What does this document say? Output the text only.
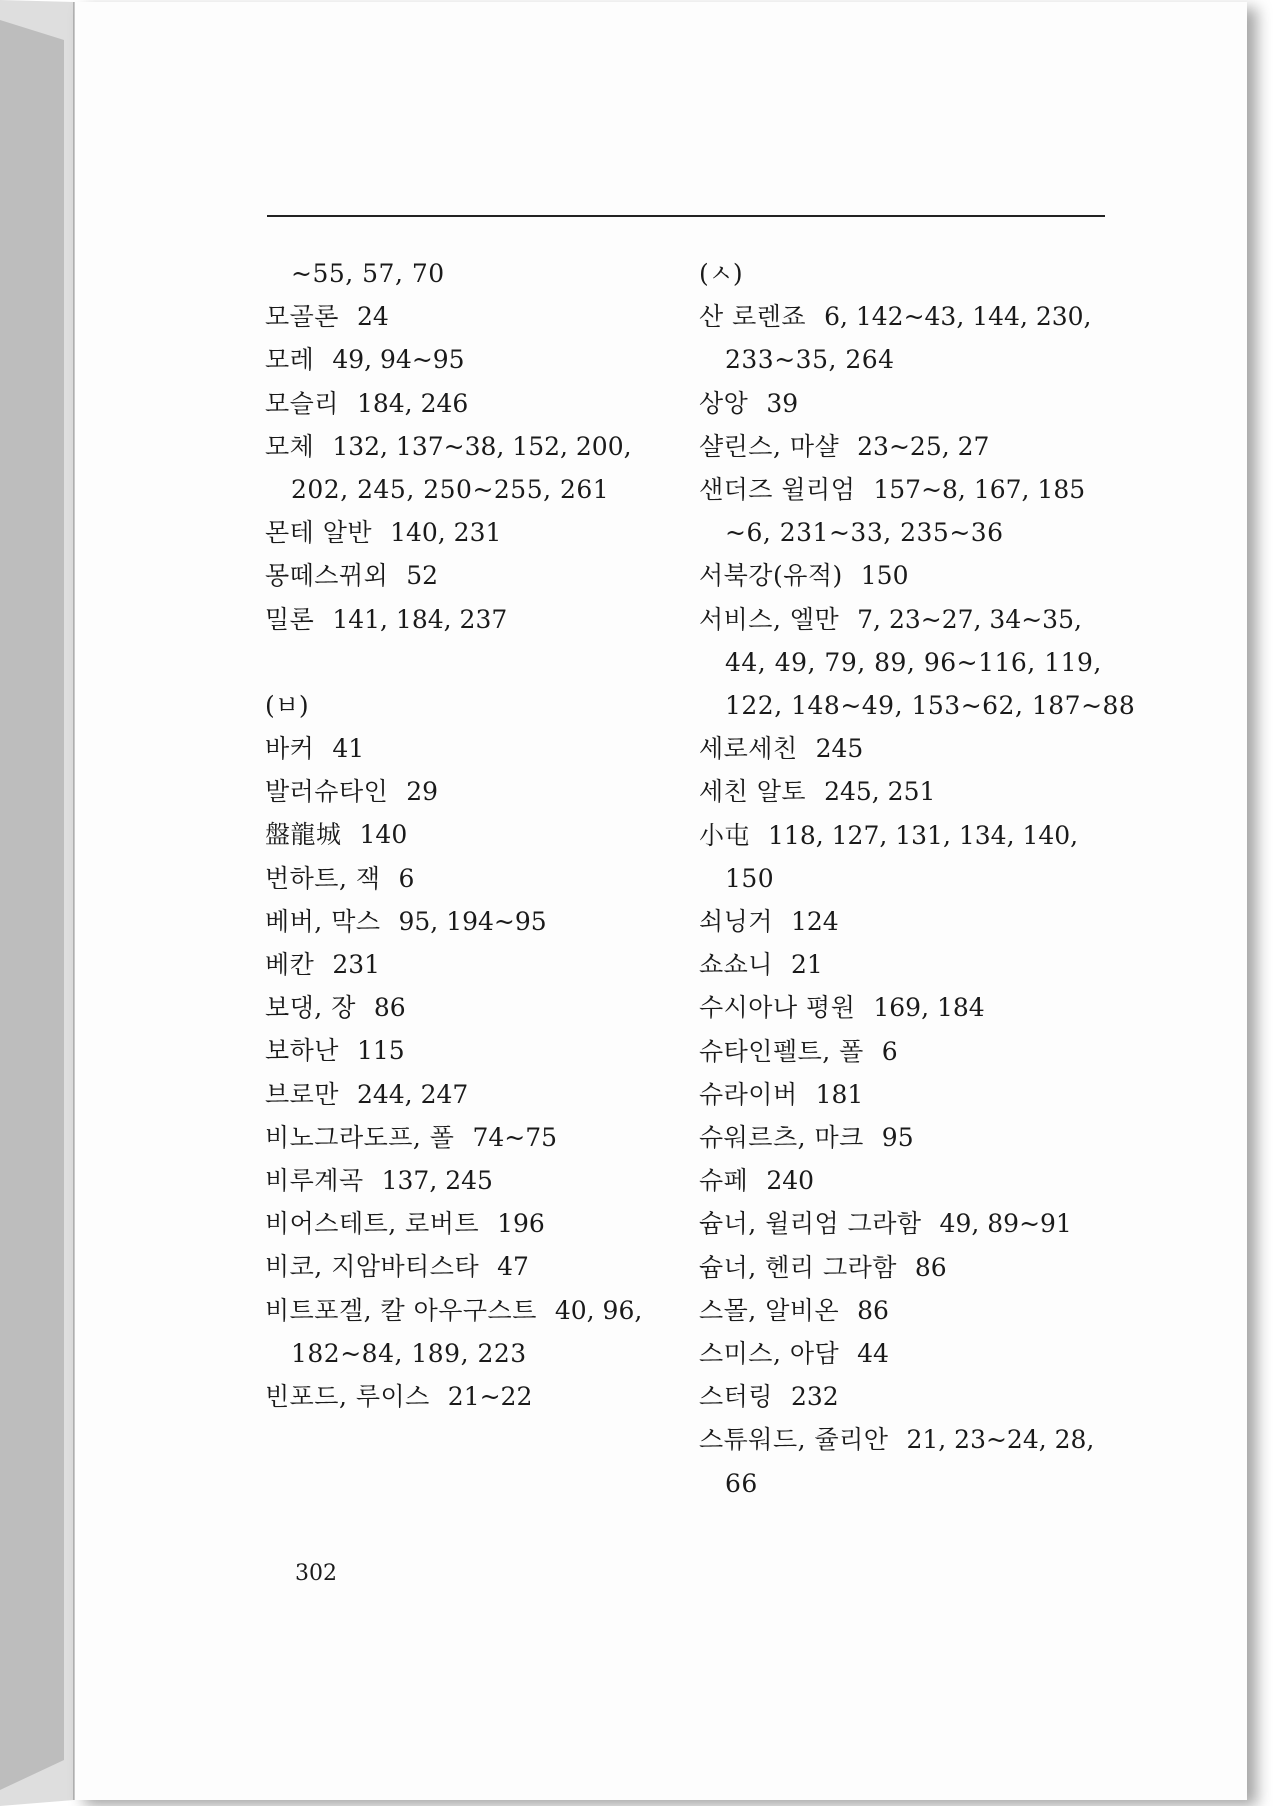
~55, 57, 70
모골론 24
모레 49, 94~95
모슬리 184, 246
모체 132, 137~38, 152, 200,
202, 245, 250~255, 261
몬테 알반 140, 231
몽떼스뀌외 52
밀론 141, 184, 237
(ㅂ)
바커 41
발러슈타인 29
盤龍城 140
번하트, 잭 6
베버, 막스 95, 194~95
베칸 231
보댕, 장 86
보하난 115
브로만 244, 247
비노그라도프, 폴 74~75
비루계곡 137, 245
비어스테트, 로버트 196
비코, 지암바티스타 47
비트포겔, 칼 아우구스트 40, 96,
182~84, 189, 223
빈포드, 루이스 21~22
(ㅅ)
산 로렌죠 6, 142~43, 144, 230,
233~35, 264
상앙 39
샬린스, 마샬 23~25, 27
샌더즈 윌리엄 157~8, 167, 185
~6, 231~33, 235~36
서북강(유적) 150
서비스, 엘만 7, 23~27, 34~35,
44, 49, 79, 89, 96~116, 119,
122, 148~49, 153~62, 187~88
세로세친 245
세친 알토 245, 251
小屯 118, 127, 131, 134, 140,
150
쇠닝거 124
쇼쇼니 21
수시아나 평원 169, 184
슈타인펠트, 폴 6
슈라이버 181
슈워르츠, 마크 95
슈페 240
슘너, 윌리엄 그라함 49, 89~91
슘너, 헨리 그라함 86
스몰, 알비온 86
스미스, 아담 44
스터링 232
스튜워드, 쥴리안 21, 23~24, 28,
66
302
